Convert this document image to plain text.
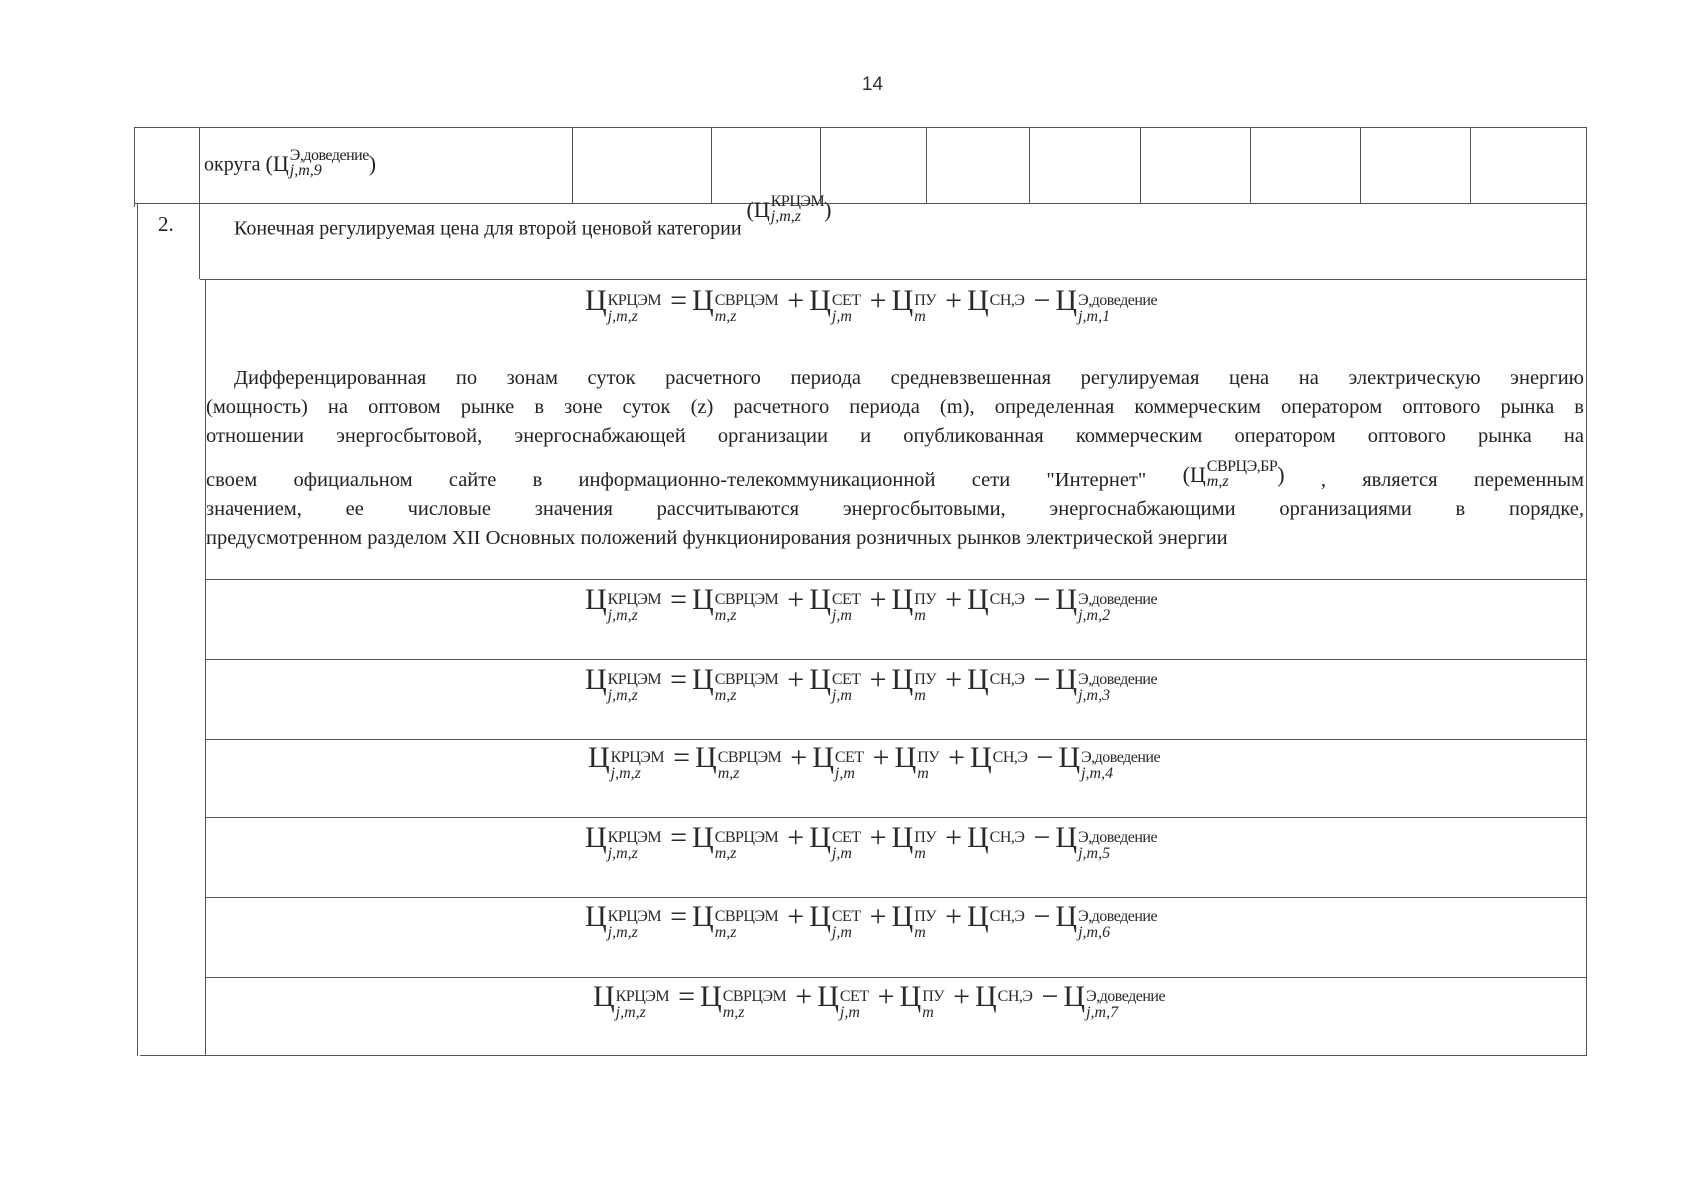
14
округа (Ц Э,доведение
j,m,9	)
2.	Конечная регулируемая цена для второй ценовой категории (Ц КРЦЭМ
j,m,z	)
Ц КРЦЭМ
j,m,z	= Ц СВРЦЭМ
m,z	+ Ц СЕТ
j,m + Ц ПУ
m + Ц СН,Э
− Ц Э,доведение
j,m,1

Дифференцированная по зонам суток расчетного периода средневзвешенная регулируемая цена на электрическую энергию

(мощность) на оптовом рынке в зоне суток (z) расчетного периода (m), определенная коммерческим оператором оптового рынка в

отношении энергосбытовой, энергоснабжающей организации и опубликованная коммерческим оператором оптового рынка на

своем официальном сайте в информационно-телекоммуникационной сети "Интернет" (Ц СВРЦЭ,БР
m,z	) , является переменным

значением, ее числовые значения рассчитываются энергосбытовыми, энергоснабжающими организациями в порядке,

предусмотренном разделом XII Основных положений функционирования розничных рынков электрической энергии

Ц КРЦЭМ
j,m,z	= Ц СВРЦЭМ
m,z	+ Ц СЕТ
j,m + Ц ПУ
m + Ц СН,Э
− Ц Э,доведение
j,m,2
Ц КРЦЭМ
j,m,z	= Ц СВРЦЭМ
m,z	+ Ц СЕТ
j,m + Ц ПУ
m + Ц СН,Э
− Ц Э,доведение
j,m,3
Ц КРЦЭМ
j,m,z	= Ц СВРЦЭМ
m,z	+ Ц СЕТ
j,m + Ц ПУ
m + Ц СН,Э
− Ц Э,доведение
j,m,4
Ц КРЦЭМ
j,m,z	= Ц СВРЦЭМ
m,z	+ Ц СЕТ
j,m + Ц ПУ
m + Ц СН,Э
− Ц Э,доведение
j,m,5
Ц КРЦЭМ
j,m,z	= Ц СВРЦЭМ
m,z	+ Ц СЕТ
j,m + Ц ПУ
m + Ц СН,Э
− Ц Э,доведение
j,m,6
Ц КРЦЭМ
j,m,z	= Ц СВРЦЭМ
m,z	+ Ц СЕТ
j,m + Ц ПУ
m + Ц СН,Э
− Ц Э,доведение
j,m,7
